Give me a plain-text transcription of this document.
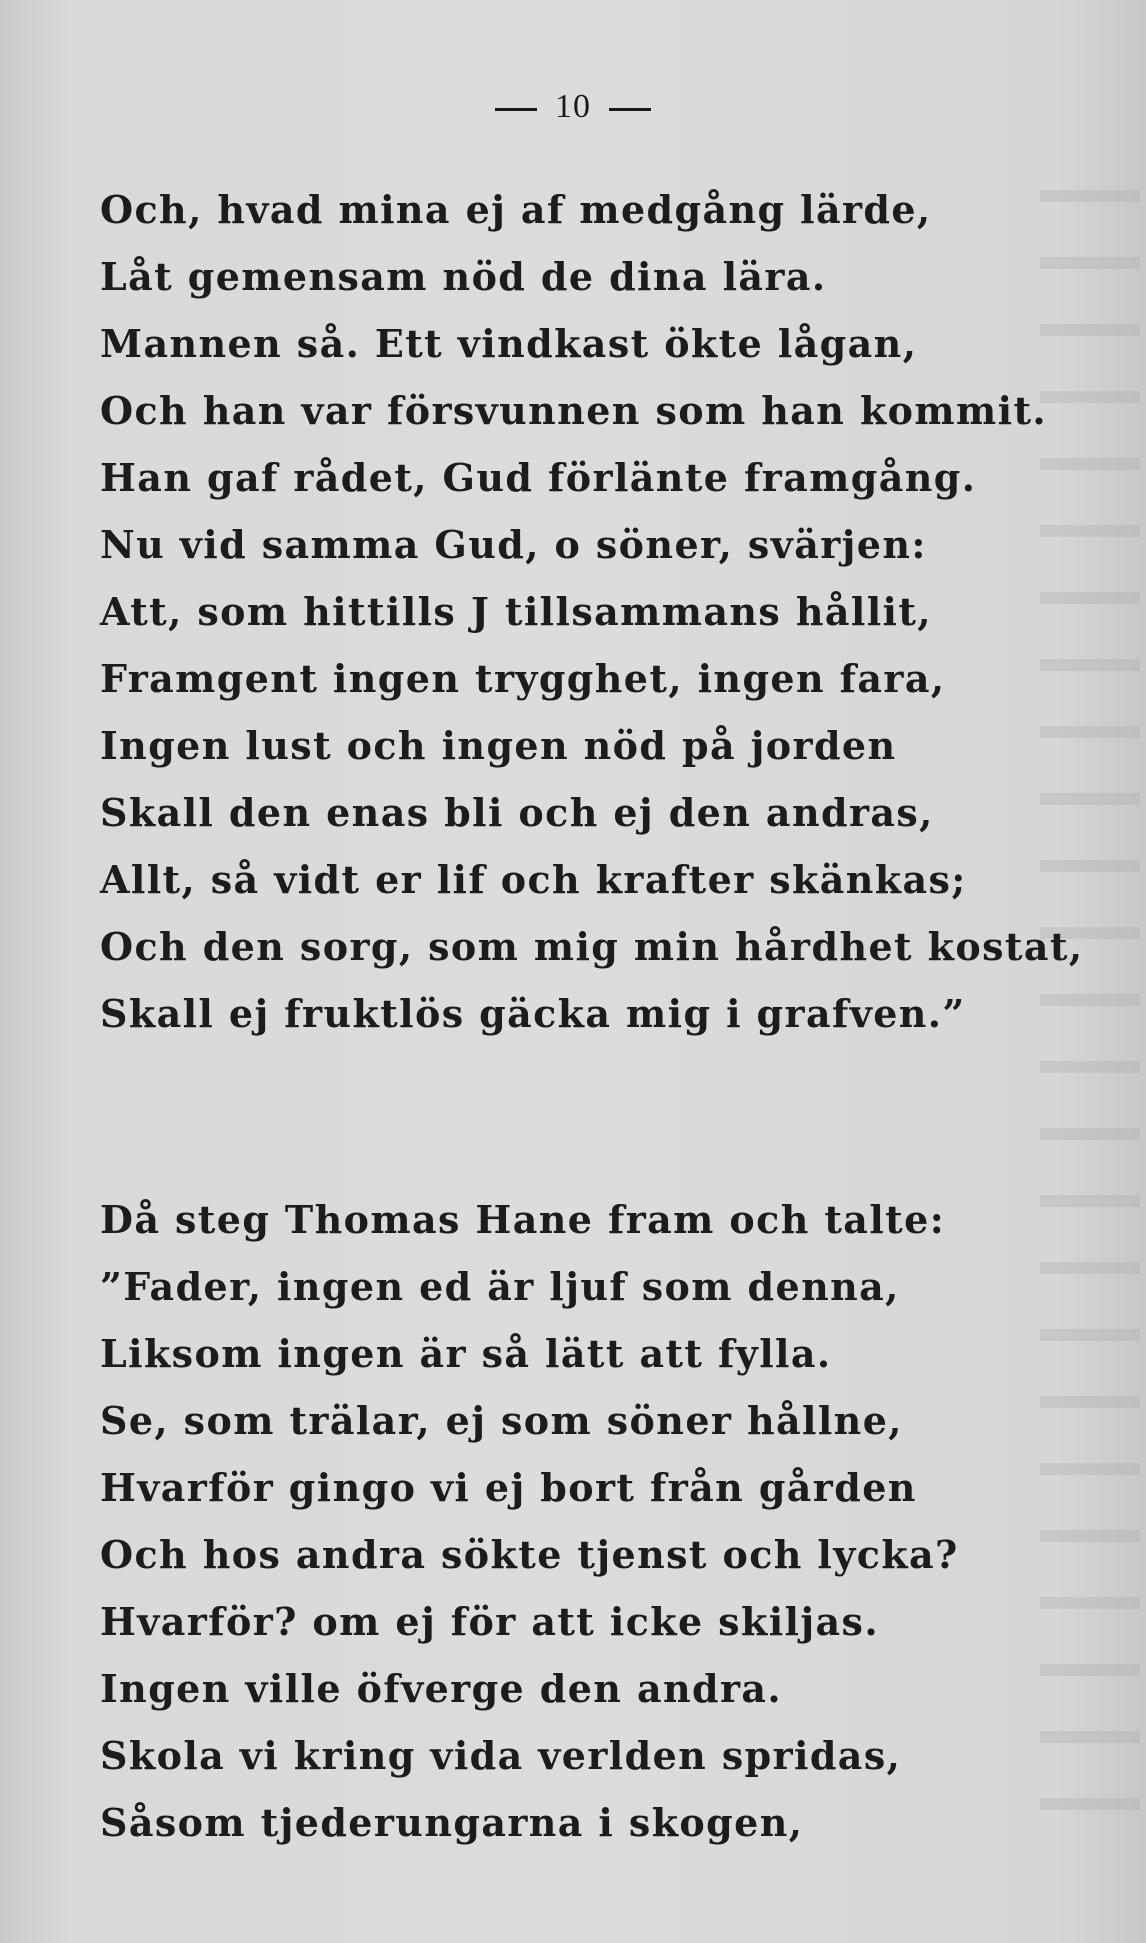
10
Och, hvad mina ej af medgång lärde,
Låt gemensam nöd de dina lära.
Mannen så. Ett vindkast ökte lågan,
Och han var försvunnen som han kommit.
Han gaf rådet, Gud förlänte framgång.
Nu vid samma Gud, o söner, svärjen:
Att, som hittills J tillsammans hållit,
Framgent ingen trygghet, ingen fara,
Ingen lust och ingen nöd på jorden
Skall den enas bli och ej den andras,
Allt, så vidt er lif och krafter skänkas;
Och den sorg, som mig min hårdhet kostat,
Skall ej fruktlös gäcka mig i grafven.”
Då steg Thomas Hane fram och talte:
”Fader, ingen ed är ljuf som denna,
Liksom ingen är så lätt att fylla.
Se, som trälar, ej som söner hållne,
Hvarför gingo vi ej bort från gården
Och hos andra sökte tjenst och lycka?
Hvarför? om ej för att icke skiljas.
Ingen ville öfverge den andra.
Skola vi kring vida verlden spridas,
Såsom tjederungarna i skogen,
